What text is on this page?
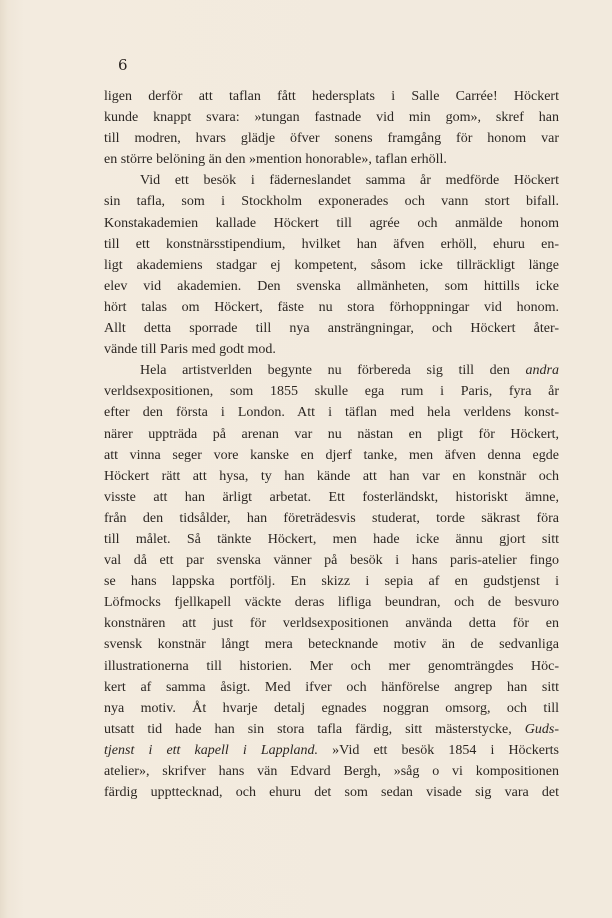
6
ligen derför att taflan fått hedersplats i Salle Carrée! Höckert
kunde knappt svara: »tungan fastnade vid min gom», skref han
till modren, hvars glädje öfver sonens framgång för honom var
en större belöning än den »mention honorable», taflan erhöll.
Vid ett besök i fäderneslandet samma år medförde Höckert
sin tafla, som i Stockholm exponerades och vann stort bifall.
Konstakademien kallade Höckert till agrée och anmälde honom
till ett konstnärsstipendium, hvilket han äfven erhöll, ehuru en-
ligt akademiens stadgar ej kompetent, såsom icke tillräckligt länge
elev vid akademien. Den svenska allmänheten, som hittills icke
hört talas om Höckert, fäste nu stora förhoppningar vid honom.
Allt detta sporrade till nya ansträngningar, och Höckert åter-
vände till Paris med godt mod.
Hela artistverlden begynte nu förbereda sig till den andra
verldsexpositionen, som 1855 skulle ega rum i Paris, fyra år
efter den första i London. Att i täflan med hela verldens konst-
närer uppträda på arenan var nu nästan en pligt för Höckert,
att vinna seger vore kanske en djerf tanke, men äfven denna egde
Höckert rätt att hysa, ty han kände att han var en konstnär och
visste att han ärligt arbetat. Ett fosterländskt, historiskt ämne,
från den tidsålder, han företrädesvis studerat, torde säkrast föra
till målet. Så tänkte Höckert, men hade icke ännu gjort sitt
val då ett par svenska vänner på besök i hans paris-atelier fingo
se hans lappska portfölj. En skizz i sepia af en gudstjenst i
Löfmocks fjellkapell väckte deras lifliga beundran, och de besvuro
konstnären att just för verldsexpositionen använda detta för en
svensk konstnär långt mera betecknande motiv än de sedvanliga
illustrationerna till historien. Mer och mer genomträngdes Höc-
kert af samma åsigt. Med ifver och hänförelse angrep han sitt
nya motiv. Åt hvarje detalj egnades noggran omsorg, och till
utsatt tid hade han sin stora tafla färdig, sitt mästerstycke, Guds-
tjenst i ett kapell i Lappland. »Vid ett besök 1854 i Höckerts
atelier», skrifver hans vän Edvard Bergh, »såg o vi kompositionen
färdig uppttecknad, och ehuru det som sedan visade sig vara det
